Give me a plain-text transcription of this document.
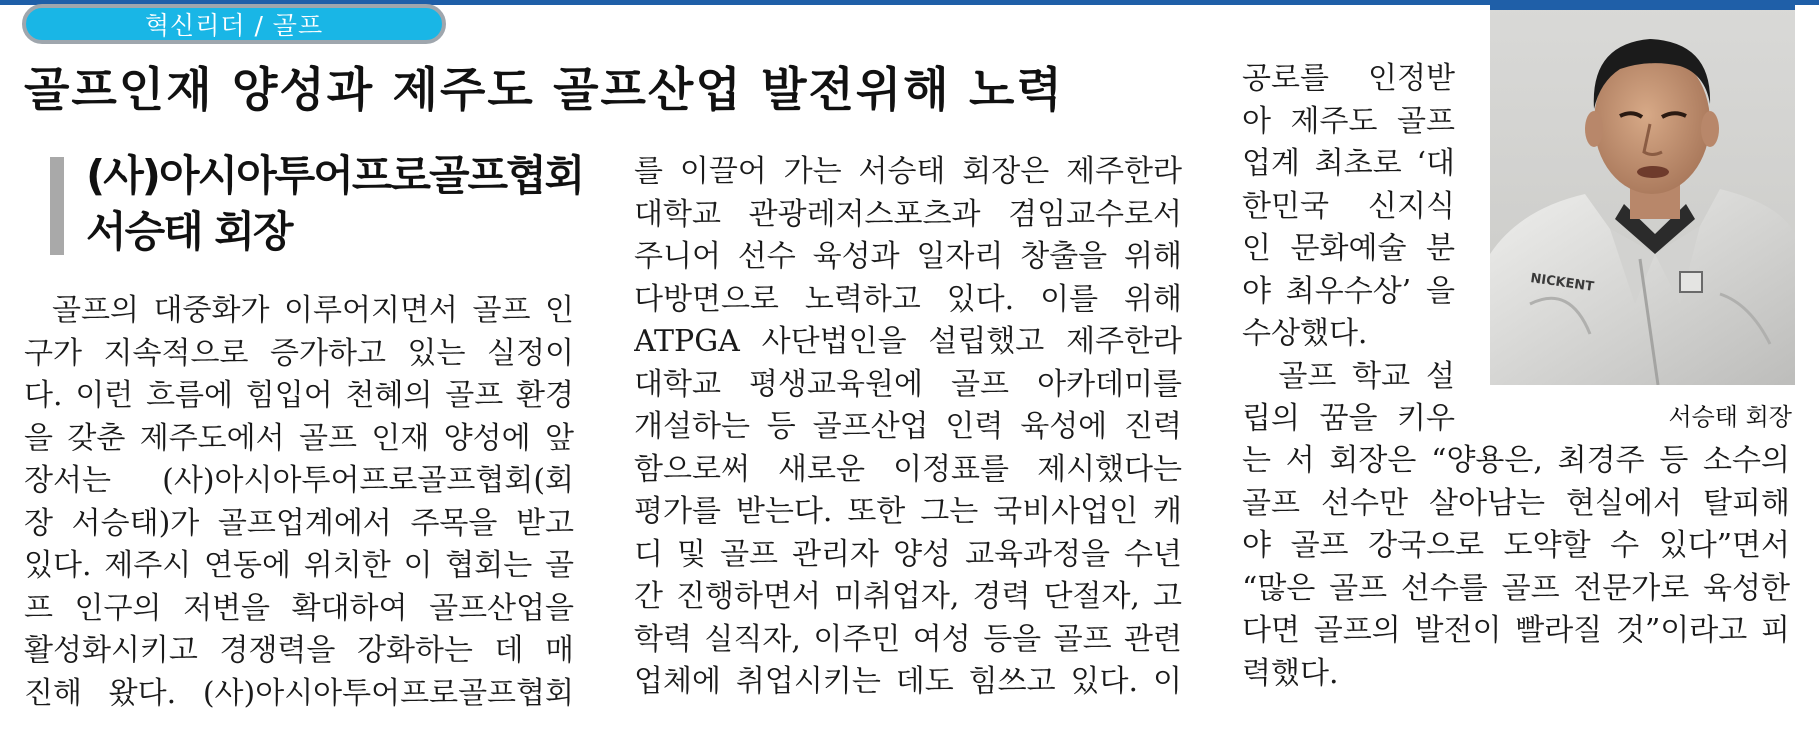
혁신리더 / 골프
골프인재 양성과 제주도 골프산업 발전위해 노력
(사)아시아투어프로골프협회
서승태 회장
골프의 대중화가 이루어지면서 골프 인
구가 지속적으로 증가하고 있는 실정이
다. 이런 흐름에 힘입어 천혜의 골프 환경
을 갖춘 제주도에서 골프 인재 양성에 앞
장서는 (사)아시아투어프로골프협회(회
장 서승태)가 골프업계에서 주목을 받고
있다. 제주시 연동에 위치한 이 협회는 골
프 인구의 저변을 확대하여 골프산업을
활성화시키고 경쟁력을 강화하는 데 매
진해 왔다. (사)아시아투어프로골프협회
를 이끌어 가는 서승태 회장은 제주한라
대학교 관광레저스포츠과 겸임교수로서
주니어 선수 육성과 일자리 창출을 위해
다방면으로 노력하고 있다. 이를 위해
ATPGA 사단법인을 설립했고 제주한라
대학교 평생교육원에 골프 아카데미를
개설하는 등 골프산업 인력 육성에 진력
함으로써 새로운 이정표를 제시했다는
평가를 받는다. 또한 그는 국비사업인 캐
디 및 골프 관리자 양성 교육과정을 수년
간 진행하면서 미취업자, 경력 단절자, 고
학력 실직자, 이주민 여성 등을 골프 관련
업체에 취업시키는 데도 힘쓰고 있다. 이
공로를 인정받
아 제주도 골프
업계 최초로 ‘대
한민국 신지식
인 문화예술 분
야 최우수상’ 을
수상했다.
　골프 학교 설
립의 꿈을 키우
는 서 회장은 “양용은, 최경주 등 소수의
골프 선수만 살아남는 현실에서 탈피해
야 골프 강국으로 도약할 수 있다”면서
“많은 골프 선수를 골프 전문가로 육성한
다면 골프의 발전이 빨라질 것”이라고 피
력했다.
NICKENT
서승태 회장
